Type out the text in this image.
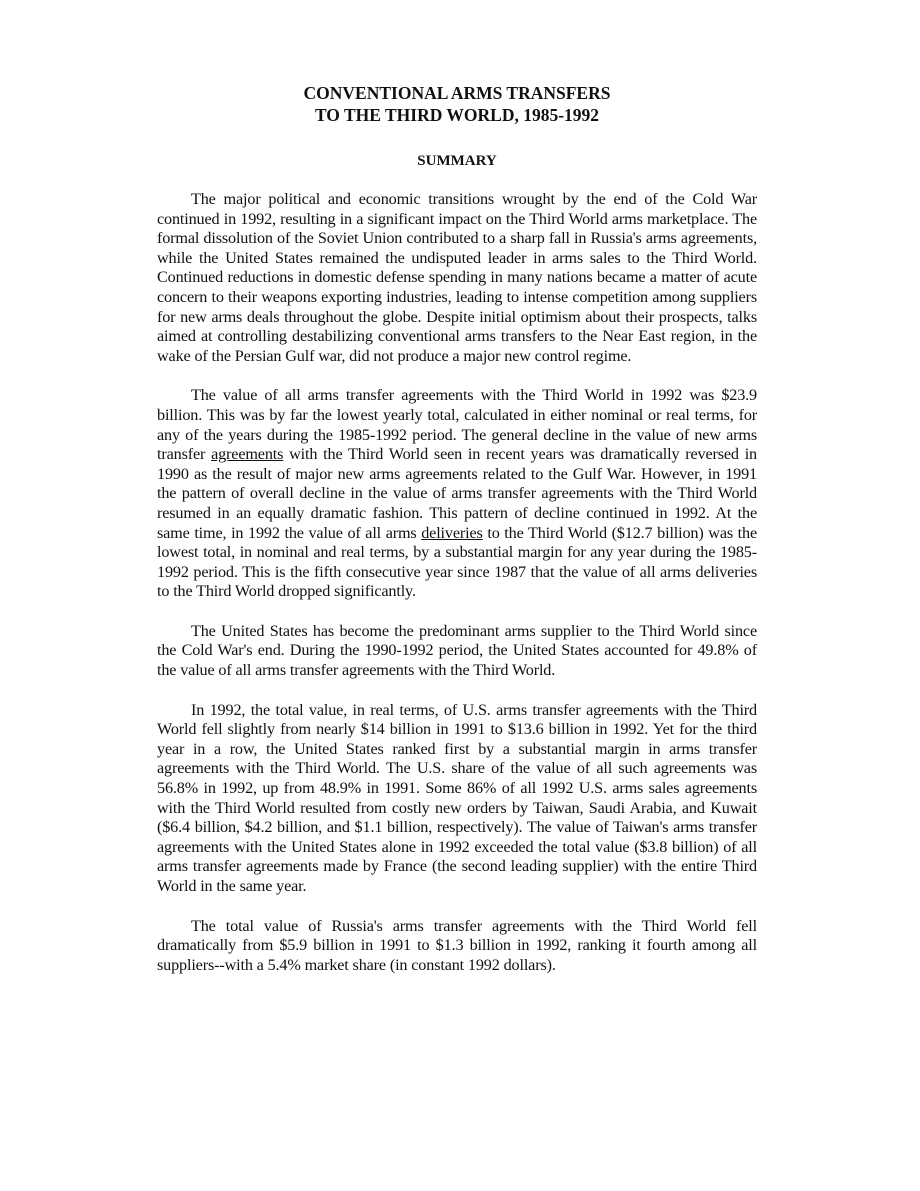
CONVENTIONAL ARMS TRANSFERS
TO THE THIRD WORLD, 1985-1992
SUMMARY

The major political and economic transitions wrought by the end of the Cold War continued in 1992, resulting in a significant impact on the Third World arms marketplace. The formal dissolution of the Soviet Union contributed to a sharp fall in Russia's arms agreements, while the United States remained the undisputed leader in arms sales to the Third World. Continued reductions in domestic defense spending in many nations became a matter of acute concern to their weapons exporting industries, leading to intense competition among suppliers for new arms deals throughout the globe. Despite initial optimism about their prospects, talks aimed at controlling destabilizing conventional arms transfers to the Near East region, in the wake of the Persian Gulf war, did not produce a major new control regime.

The value of all arms transfer agreements with the Third World in 1992 was $23.9 billion. This was by far the lowest yearly total, calculated in either nominal or real terms, for any of the years during the 1985-1992 period. The general decline in the value of new arms transfer agreements with the Third World seen in recent years was dramatically reversed in 1990 as the result of major new arms agreements related to the Gulf War. However, in 1991 the pattern of overall decline in the value of arms transfer agreements with the Third World resumed in an equally dramatic fashion. This pattern of decline continued in 1992. At the same time, in 1992 the value of all arms deliveries to the Third World ($12.7 billion) was the lowest total, in nominal and real terms, by a substantial margin for any year during the 1985-1992 period. This is the fifth consecutive year since 1987 that the value of all arms deliveries to the Third World dropped significantly.

The United States has become the predominant arms supplier to the Third World since the Cold War's end. During the 1990-1992 period, the United States accounted for 49.8% of the value of all arms transfer agreements with the Third World.

In 1992, the total value, in real terms, of U.S. arms transfer agreements with the Third World fell slightly from nearly $14 billion in 1991 to $13.6 billion in 1992. Yet for the third year in a row, the United States ranked first by a substantial margin in arms transfer agreements with the Third World. The U.S. share of the value of all such agreements was 56.8% in 1992, up from 48.9% in 1991. Some 86% of all 1992 U.S. arms sales agreements with the Third World resulted from costly new orders by Taiwan, Saudi Arabia, and Kuwait ($6.4 billion, $4.2 billion, and $1.1 billion, respectively). The value of Taiwan's arms transfer agreements with the United States alone in 1992 exceeded the total value ($3.8 billion) of all arms transfer agreements made by France (the second leading supplier) with the entire Third World in the same year.

The total value of Russia's arms transfer agreements with the Third World fell dramatically from $5.9 billion in 1991 to $1.3 billion in 1992, ranking it fourth among all suppliers--with a 5.4% market share (in constant 1992 dollars).
